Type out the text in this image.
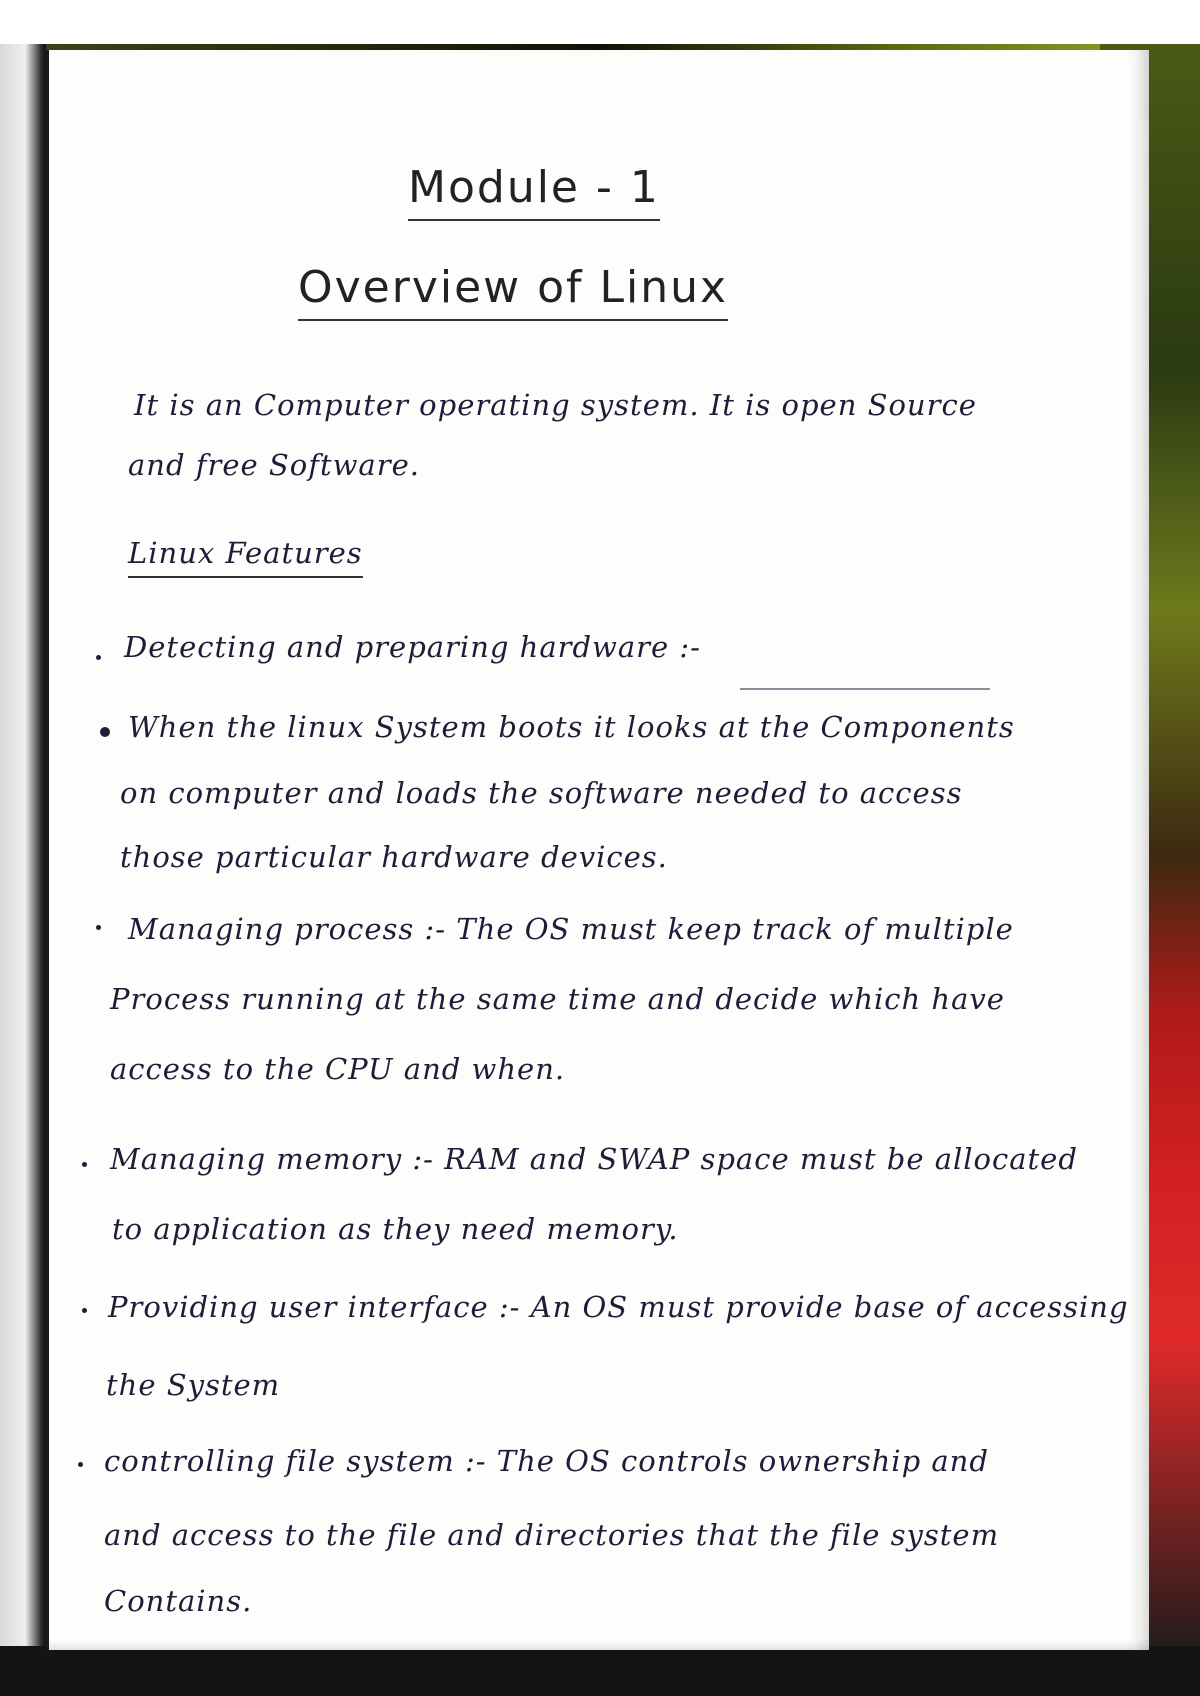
Module - 1
Overview of Linux
It is an Computer operating system. It is open Source
and free Software.
Linux Features
Detecting and preparing hardware :-
When the linux System boots it looks at the Components
on computer and loads the software needed to access
those particular hardware devices.
Managing process :- The OS must keep track of multiple
Process running at the same time and decide which have
access to the CPU and when.
Managing memory :- RAM and SWAP space must be allocated
to application as they need memory.
Providing user interface :- An OS must provide base of accessing
the System
controlling file system :- The OS controls ownership and
and access to the file and directories that the file system
Contains.
